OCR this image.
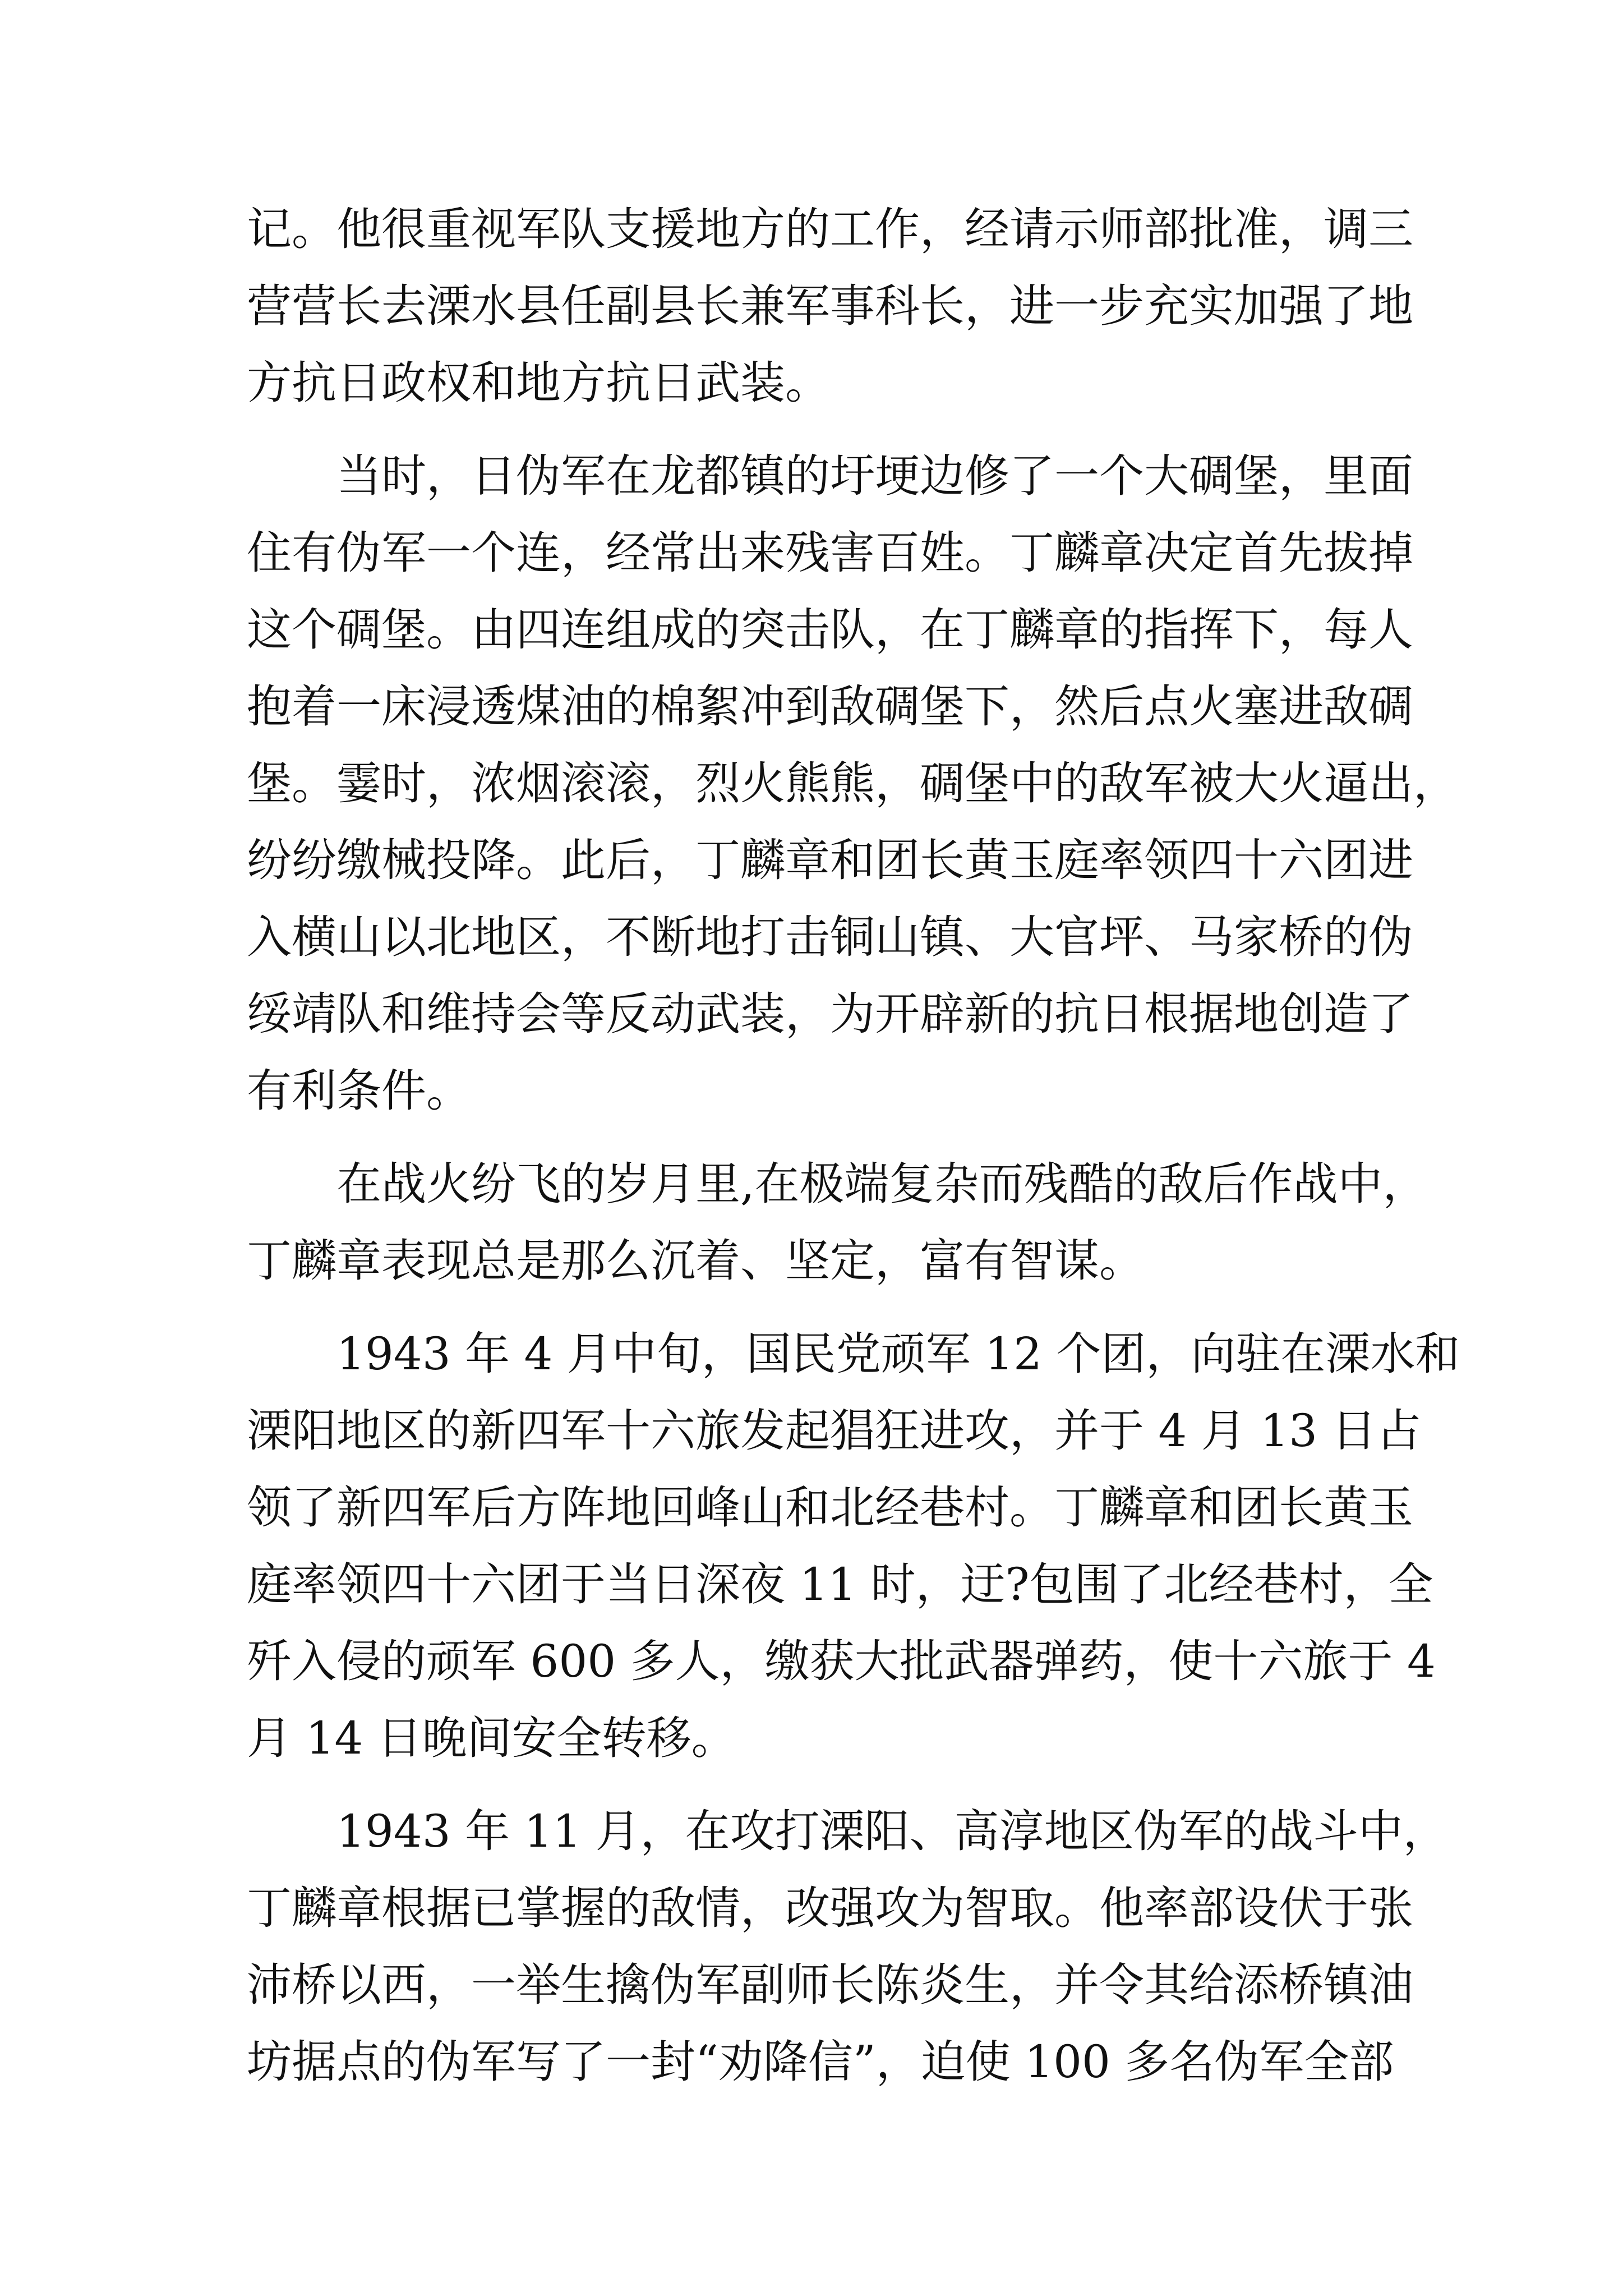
记。他很重视军队支援地方的工作，经请示师部批准，调三
营营长去溧水县任副县长兼军事科长，进一步充实加强了地
方抗日政权和地方抗日武装。
　　当时，日伪军在龙都镇的圩埂边修了一个大碉堡，里面
住有伪军一个连，经常出来残害百姓。丁麟章决定首先拔掉
这个碉堡。由四连组成的突击队，在丁麟章的指挥下，每人
抱着一床浸透煤油的棉絮冲到敌碉堡下，然后点火塞进敌碉
堡。霎时，浓烟滚滚，烈火熊熊，碉堡中的敌军被大火逼出，
纷纷缴械投降。此后，丁麟章和团长黄玉庭率领四十六团进
入横山以北地区，不断地打击铜山镇、大官坪、马家桥的伪
绥靖队和维持会等反动武装，为开辟新的抗日根据地创造了
有利条件。
　　在战火纷飞的岁月里,在极端复杂而残酷的敌后作战中，
丁麟章表现总是那么沉着、坚定，富有智谋。
　　1943 年 4 月中旬，国民党顽军 12 个团，向驻在溧水和
溧阳地区的新四军十六旅发起猖狂进攻，并于 4 月 13 日占
领了新四军后方阵地回峰山和北经巷村。丁麟章和团长黄玉
庭率领四十六团于当日深夜 11 时，迂?包围了北经巷村，全
歼入侵的顽军 600 多人，缴获大批武器弹药，使十六旅于 4
月 14 日晚间安全转移。
　　1943 年 11 月，在攻打溧阳、高淳地区伪军的战斗中，
丁麟章根据已掌握的敌情，改强攻为智取。他率部设伏于张
沛桥以西，一举生擒伪军副师长陈炎生，并令其给添桥镇油
坊据点的伪军写了一封“劝降信”，迫使 100 多名伪军全部
